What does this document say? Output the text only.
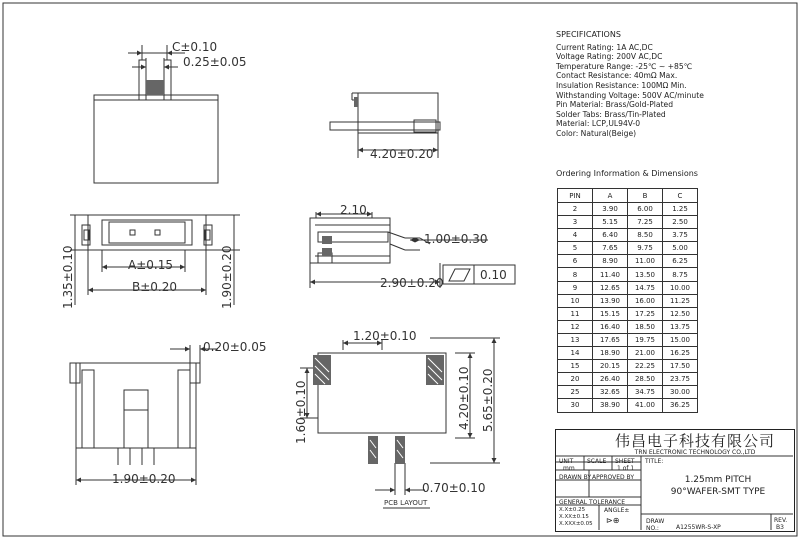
C±0.10
0.25±0.05
4.20±0.20
A±0.15
B±0.20
1.35±0.10	1.90±0.20
2.10
1.00±0.30
2.90±0.20
0.10
0.20±0.05
1.90±0.20
1.20±0.10
1.60±0.10	4.20±0.10 5.65±0.20
0.70±0.10
PCB LAYOUT
SPECIFICATIONS
Current Rating: 1A AC,DC
Voltage Rating: 200V AC,DC
Temperature Range: -25℃ ~ +85℃
Contact Resistance: 40mΩ Max.
Insulation Resistance: 100MΩ Min.
Withstanding Voltage: 500V AC/minute
Pin Material: Brass/Gold-Plated
Solder Tabs: Brass/Tin-Plated
Material: LCP,UL94V-0
Color: Natural(Beige)
Ordering Information & Dimensions
PIN	A	B	C
2	3.90	6.00	1.25
3	5.15	7.25	2.50
4	6.40	8.50	3.75
5	7.65	9.75	5.00
6	8.90	11.00	6.25
8	11.40	13.50	8.75
9	12.65	14.75	10.00
10	13.90	16.00	11.25
11	15.15	17.25	12.50
12	16.40	18.50	13.75
13	17.65	19.75	15.00
14	18.90	21.00	16.25
15	20.15	22.25	17.50
20	26.40	28.50	23.75
25	32.65	34.75	30.00
30	38.90	41.00	36.25
伟昌电子科技有限公司
TRN ELECTRONIC TECHNOLOGY CO.,LTD
UNIT
mm
SCALE SHEET
1 of 1
TITLE:
1.25mm PITCH
90°WAFER-SMT TYPE
DRAWN BY APPROVED BY
GENERAL TOLERANCE
X.X±0.25
X.XX±0.15
X.XXX±0.05
ANGLE±
⊳⊕	DRAW NO.:	A1255WR-S-XP
REV.
B3
